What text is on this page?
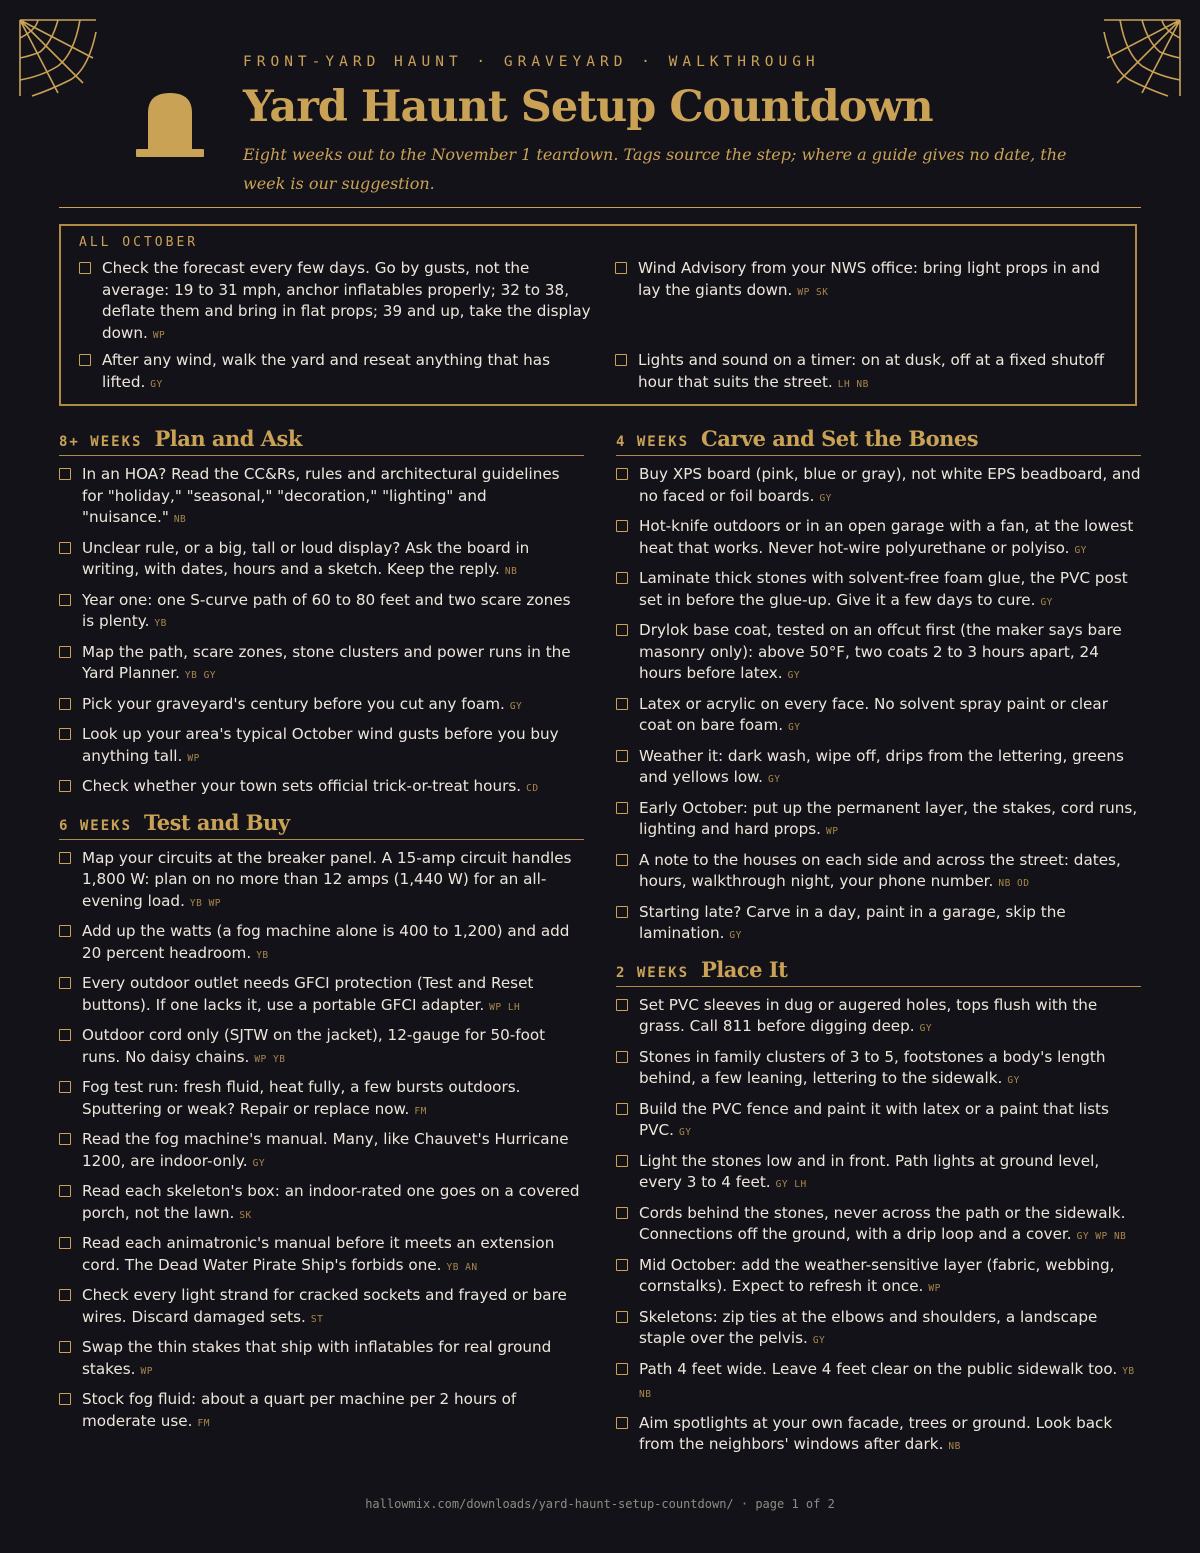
FRONT-YARD HAUNT · GRAVEYARD · WALKTHROUGH
Yard Haunt Setup Countdown
Eight weeks out to the November 1 teardown. Tags source the step; where a guide gives no date, the week is our suggestion.
ALL OCTOBER
Check the forecast every few days. Go by gusts, not the average: 19 to 31 mph, anchor inflatables properly; 32 to 38, deflate them and bring in flat props; 39 and up, take the display down. WP
Wind Advisory from your NWS office: bring light props in and lay the giants down. WP SK
After any wind, walk the yard and reseat anything that has lifted. GY
Lights and sound on a timer: on at dusk, off at a fixed shutoff hour that suits the street. LH NB
8+ WEEKS Plan and Ask
In an HOA? Read the CC&Rs, rules and architectural guidelines for "holiday," "seasonal," "decoration," "lighting" and "nuisance." NB
Unclear rule, or a big, tall or loud display? Ask the board in writing, with dates, hours and a sketch. Keep the reply. NB
Year one: one S-curve path of 60 to 80 feet and two scare zones is plenty. YB
Map the path, scare zones, stone clusters and power runs in the Yard Planner. YB GY
Pick your graveyard's century before you cut any foam. GY
Look up your area's typical October wind gusts before you buy anything tall. WP
Check whether your town sets official trick-or-treat hours. CD
6 WEEKS Test and Buy
Map your circuits at the breaker panel. A 15-amp circuit handles 1,800 W: plan on no more than 12 amps (1,440 W) for an all-evening load. YB WP
Add up the watts (a fog machine alone is 400 to 1,200) and add 20 percent headroom. YB
Every outdoor outlet needs GFCI protection (Test and Reset buttons). If one lacks it, use a portable GFCI adapter. WP LH
Outdoor cord only (SJTW on the jacket), 12-gauge for 50-foot runs. No daisy chains. WP YB
Fog test run: fresh fluid, heat fully, a few bursts outdoors. Sputtering or weak? Repair or replace now. FM
Read the fog machine's manual. Many, like Chauvet's Hurricane 1200, are indoor-only. GY
Read each skeleton's box: an indoor-rated one goes on a covered porch, not the lawn. SK
Read each animatronic's manual before it meets an extension cord. The Dead Water Pirate Ship's forbids one. YB AN
Check every light strand for cracked sockets and frayed or bare wires. Discard damaged sets. ST
Swap the thin stakes that ship with inflatables for real ground stakes. WP
Stock fog fluid: about a quart per machine per 2 hours of moderate use. FM
4 WEEKS Carve and Set the Bones
Buy XPS board (pink, blue or gray), not white EPS beadboard, and no faced or foil boards. GY
Hot-knife outdoors or in an open garage with a fan, at the lowest heat that works. Never hot-wire polyurethane or polyiso. GY
Laminate thick stones with solvent-free foam glue, the PVC post set in before the glue-up. Give it a few days to cure. GY
Drylok base coat, tested on an offcut first (the maker says bare masonry only): above 50°F, two coats 2 to 3 hours apart, 24 hours before latex. GY
Latex or acrylic on every face. No solvent spray paint or clear coat on bare foam. GY
Weather it: dark wash, wipe off, drips from the lettering, greens and yellows low. GY
Early October: put up the permanent layer, the stakes, cord runs, lighting and hard props. WP
A note to the houses on each side and across the street: dates, hours, walkthrough night, your phone number. NB OD
Starting late? Carve in a day, paint in a garage, skip the lamination. GY
2 WEEKS Place It
Set PVC sleeves in dug or augered holes, tops flush with the grass. Call 811 before digging deep. GY
Stones in family clusters of 3 to 5, footstones a body's length behind, a few leaning, lettering to the sidewalk. GY
Build the PVC fence and paint it with latex or a paint that lists PVC. GY
Light the stones low and in front. Path lights at ground level, every 3 to 4 feet. GY LH
Cords behind the stones, never across the path or the sidewalk. Connections off the ground, with a drip loop and a cover. GY WP NB
Mid October: add the weather-sensitive layer (fabric, webbing, cornstalks). Expect to refresh it once. WP
Skeletons: zip ties at the elbows and shoulders, a landscape staple over the pelvis. GY
Path 4 feet wide. Leave 4 feet clear on the public sidewalk too. YB NB
Aim spotlights at your own facade, trees or ground. Look back from the neighbors' windows after dark. NB
hallowmix.com/downloads/yard-haunt-setup-countdown/ · page 1 of 2
